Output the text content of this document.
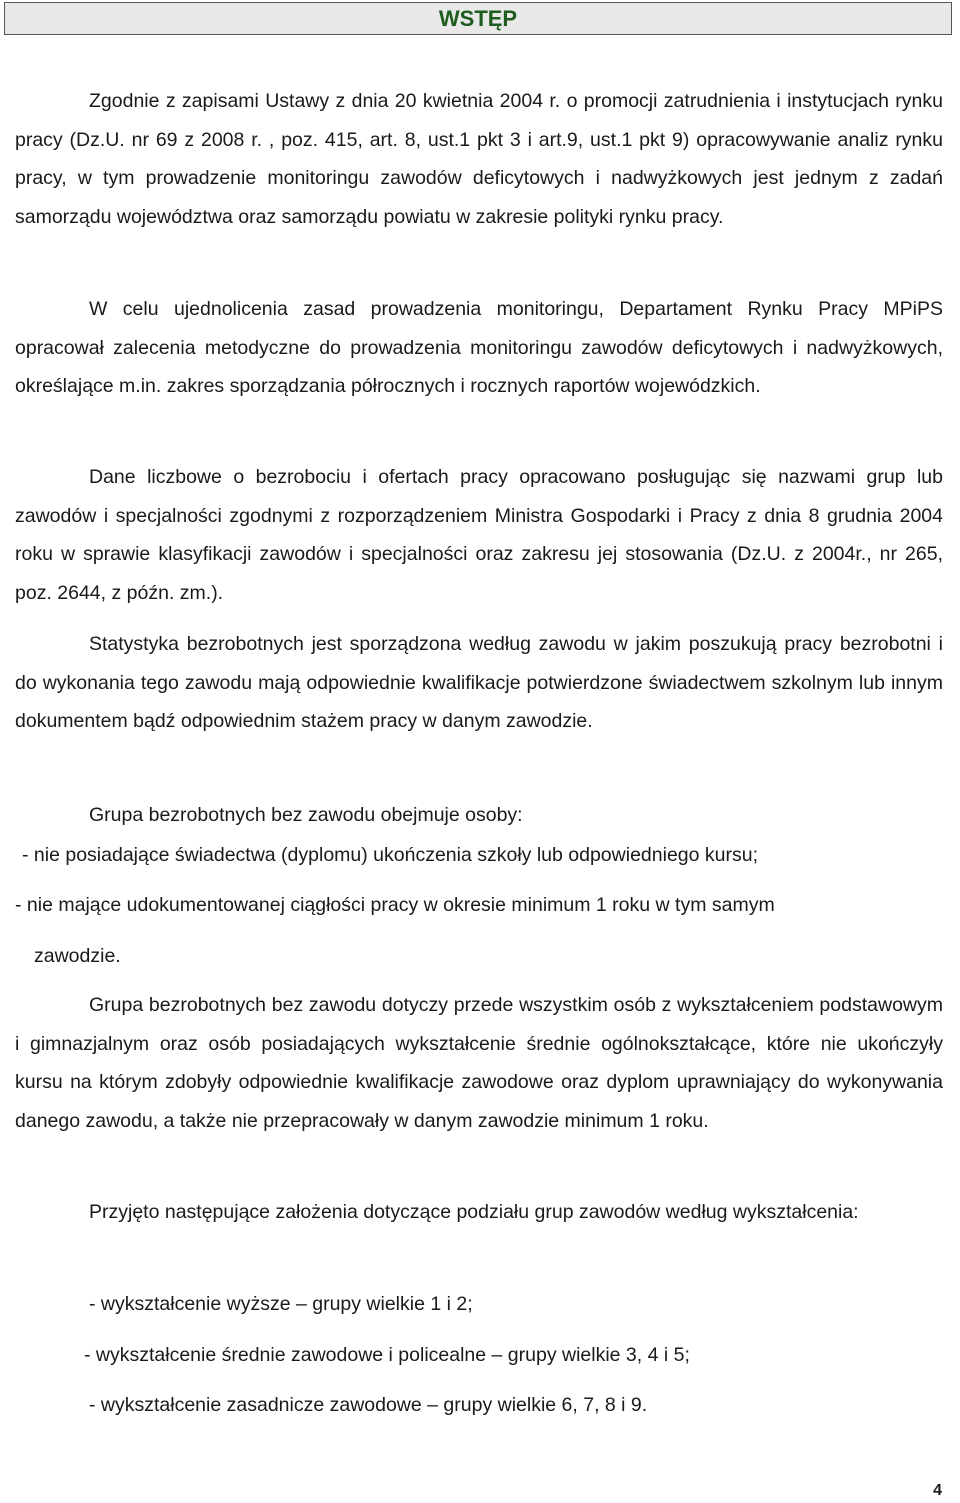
WSTĘP

Zgodnie z zapisami Ustawy z dnia 20 kwietnia 2004 r. o promocji zatrudnienia i instytucjach rynku pracy (Dz.U. nr 69 z 2008 r. , poz. 415, art. 8, ust.1 pkt 3 i art.9, ust.1 pkt 9) opracowywanie analiz rynku pracy, w tym prowadzenie monitoringu zawodów deficytowych i nadwyżkowych jest jednym z zadań samorządu województwa oraz samorządu powiatu w zakresie polityki rynku pracy.

W celu ujednolicenia zasad prowadzenia monitoringu, Departament Rynku Pracy MPiPS opracował zalecenia metodyczne do prowadzenia monitoringu zawodów deficytowych i nadwyżkowych, określające m.in. zakres sporządzania półrocznych i rocznych raportów wojewódzkich.

Dane liczbowe o bezrobociu i ofertach pracy opracowano posługując się nazwami grup lub zawodów i specjalności zgodnymi z rozporządzeniem Ministra Gospodarki i Pracy z dnia 8 grudnia 2004 roku w sprawie klasyfikacji zawodów i specjalności oraz zakresu jej stosowania (Dz.U. z 2004r., nr 265, poz. 2644, z późn. zm.).

Statystyka bezrobotnych jest sporządzona według zawodu w jakim poszukują pracy bezrobotni i do wykonania tego zawodu mają odpowiednie kwalifikacje potwierdzone świadectwem szkolnym lub innym dokumentem bądź odpowiednim stażem pracy w danym zawodzie.

Grupa bezrobotnych bez zawodu obejmuje osoby:

- nie posiadające świadectwa (dyplomu) ukończenia szkoły lub odpowiedniego kursu;

- nie mające udokumentowanej ciągłości pracy w okresie minimum 1 roku w tym samym

zawodzie.

Grupa bezrobotnych bez zawodu dotyczy przede wszystkim osób z wykształceniem podstawowym i gimnazjalnym oraz osób posiadających wykształcenie średnie ogólnokształcące, które nie ukończyły kursu na którym zdobyły odpowiednie kwalifikacje zawodowe oraz dyplom uprawniający do wykonywania danego zawodu, a także nie przepracowały w danym zawodzie minimum 1 roku.

Przyjęto następujące założenia dotyczące podziału grup zawodów według wykształcenia:

- wykształcenie wyższe – grupy wielkie 1 i 2;

- wykształcenie średnie zawodowe i policealne – grupy wielkie 3, 4 i 5;

- wykształcenie zasadnicze zawodowe – grupy wielkie 6, 7, 8 i 9.

4
